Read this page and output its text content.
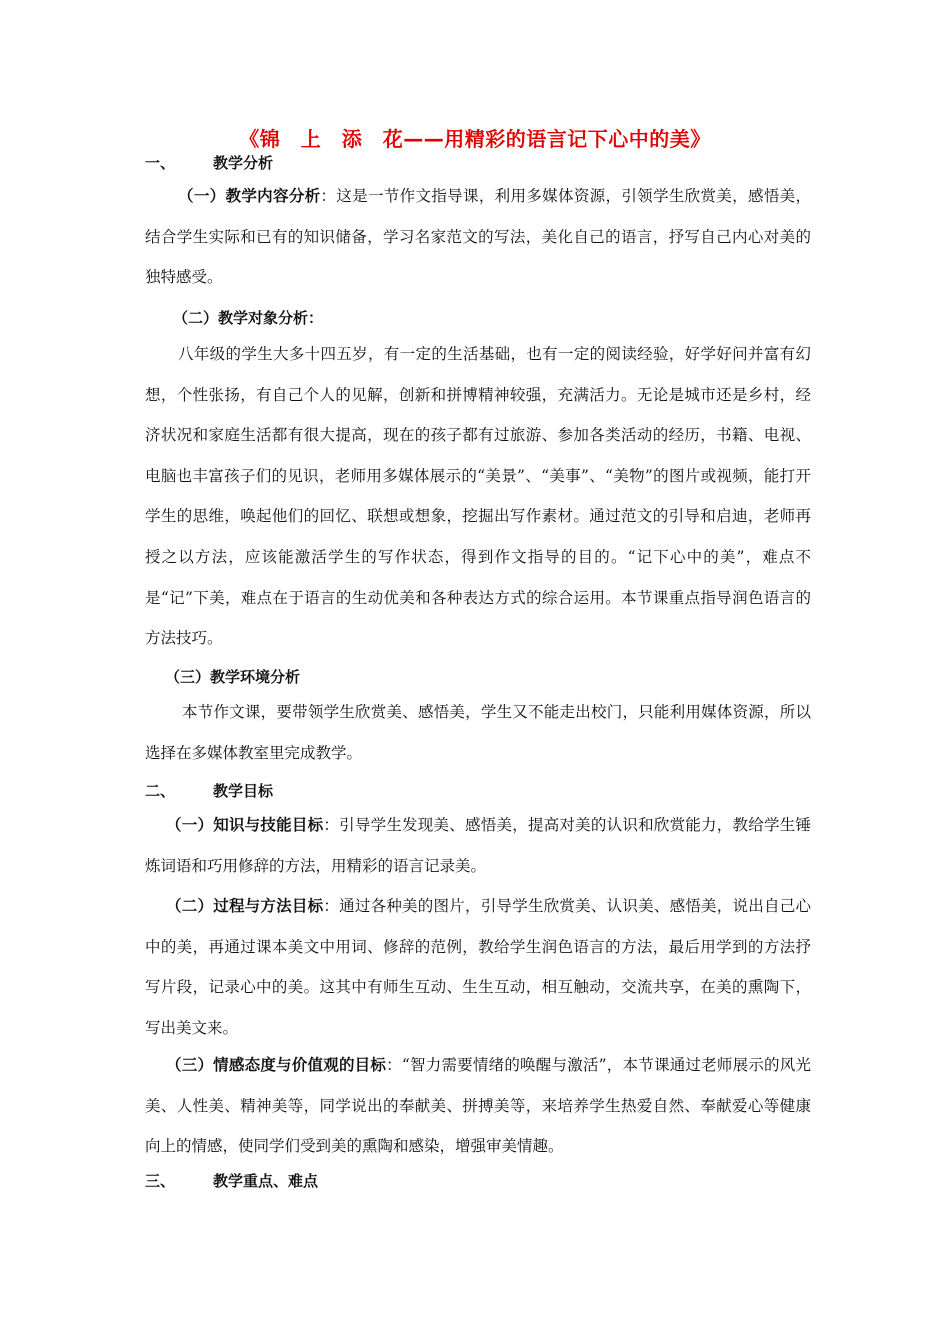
《锦　上　添　花——用精彩的语言记下心中的美》
一、	教学分析
（一）教学内容分析：这是一节作文指导课，利用多媒体资源，引领学生欣赏美，感悟美，结合学生实际和已有的知识储备，学习名家范文的写法，美化自己的语言，抒写自己内心对美的独特感受。
（二）教学对象分析：
八年级的学生大多十四五岁，有一定的生活基础，也有一定的阅读经验，好学好问并富有幻想，个性张扬，有自己个人的见解，创新和拼博精神较强，充满活力。无论是城市还是乡村，经济状况和家庭生活都有很大提高，现在的孩子都有过旅游、参加各类活动的经历，书籍、电视、电脑也丰富孩子们的见识，老师用多媒体展示的“美景”、“美事”、“美物”的图片或视频，能打开学生的思维，唤起他们的回忆、联想或想象，挖掘出写作素材。通过范文的引导和启迪，老师再授之以方法，应该能激活学生的写作状态，得到作文指导的目的。“记下心中的美”，难点不是“记”下美，难点在于语言的生动优美和各种表达方式的综合运用。本节课重点指导润色语言的方法技巧。
（三）教学环境分析
本节作文课，要带领学生欣赏美、感悟美，学生又不能走出校门，只能利用媒体资源，所以选择在多媒体教室里完成教学。
二、	教学目标
（一）知识与技能目标：引导学生发现美、感悟美，提高对美的认识和欣赏能力，教给学生锤炼词语和巧用修辞的方法，用精彩的语言记录美。
（二）过程与方法目标：通过各种美的图片，引导学生欣赏美、认识美、感悟美，说出自己心中的美，再通过课本美文中用词、修辞的范例，教给学生润色语言的方法，最后用学到的方法抒写片段，记录心中的美。这其中有师生互动、生生互动，相互触动，交流共享，在美的熏陶下，写出美文来。
（三）情感态度与价值观的目标：“智力需要情绪的唤醒与激活”，本节课通过老师展示的风光美、人性美、精神美等，同学说出的奉献美、拼搏美等，来培养学生热爱自然、奉献爱心等健康向上的情感，使同学们受到美的熏陶和感染，增强审美情趣。
三、	教学重点、难点
